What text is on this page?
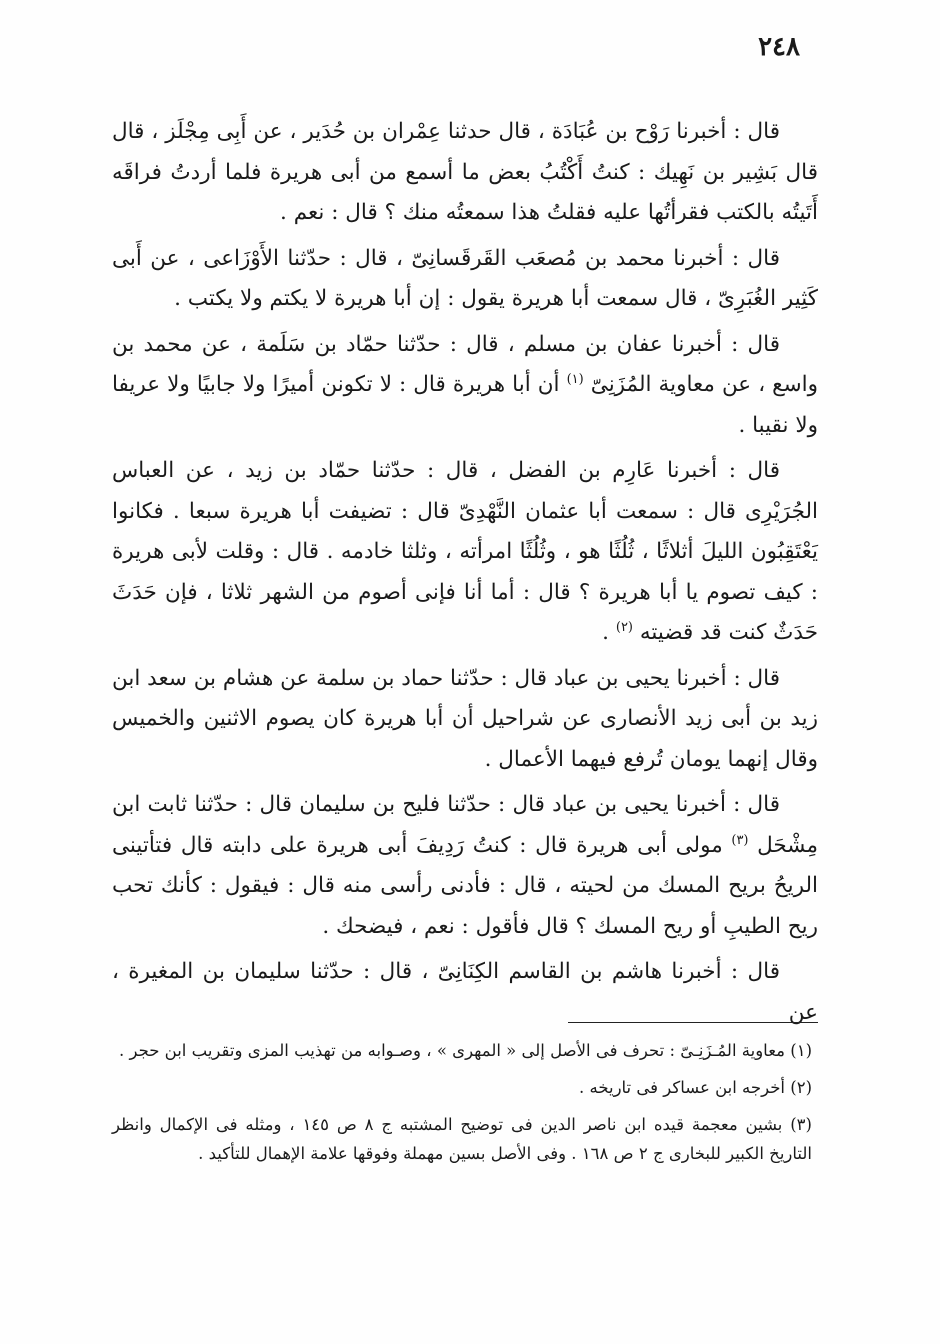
٢٤٨

قال : أخبرنا رَوْح بن عُبَادَة ، قال حدثنا عِمْران بن حُدَير ، عن أَبِى مِجْلَز ، قال قال بَشِير بن نَهِيك : كنتُ أَكْتُبُ بعض ما أسمع من أبى هريرة فلما أردتُ فراقَه أَتَيتُه بالكتب فقرأتُها عليه فقلتُ هذا سمعتُه منك ؟ قال : نعم .

قال : أخبرنا محمد بن مُصعَب القَرقَسانِىّ ، قال : حدّثنا الأَوْزَاعى ، عن أَبى كَثِير الغُبَرِىّ ، قال سمعت أبا هريرة يقول : إن أبا هريرة لا يكتم ولا يكتب .

قال : أخبرنا عفان بن مسلم ، قال : حدّثنا حمّاد بن سَلَمة ، عن محمد بن واسع ، عن معاوية المُزَنِىّ $^{(١)}$ أن أبا هريرة قال : لا تكونن أميرًا ولا جابيًا ولا عريفا ولا نقيبا .

قال : أخبرنا عَارِم بن الفضل ، قال : حدّثنا حمّاد بن زيد ، عن العباس الجُرَيْرِى قال : سمعت أبا عثمان النَّهْدِىّ قال : تضيفت أبا هريرة سبعا . فكانوا يَعْتَقِبُون الليلَ أثلاثًا ، ثُلُثًا هو ، وثُلُثًا امرأته ، وثلثا خادمه . قال : وقلت لأبى هريرة : كيف تصوم يا أبا هريرة ؟ قال : أما أنا فإنى أصوم من الشهر ثلاثا ، فإن حَدَثَ حَدَثٌ كنت قد قضيته $^{(٢)}$ .

قال : أخبرنا يحيى بن عباد قال : حدّثنا حماد بن سلمة عن هشام بن سعد ابن زيد بن أبى زيد الأنصارى عن شراحيل أن أبا هريرة كان يصوم الاثنين والخميس وقال إنهما يومان تُرفع فيهما الأعمال .

قال : أخبرنا يحيى بن عباد قال : حدّثنا فليح بن سليمان قال : حدّثنا ثابت ابن مِشْحَل $^{(٣)}$ مولى أبى هريرة قال : كنتُ رَدِيفَ أبى هريرة على دابته قال فتأتينى الريحُ بريح المسك من لحيته ، قال : فأدنى رأسى منه قال : فيقول : كأنك تحب ريح الطيبِ أو ريح المسك ؟ قال فأقول : نعم ، فيضحك .

قال : أخبرنا هاشم بن القاسم الكِنَانِىّ ، قال : حدّثنا سليمان بن المغيرة ، عن

(١) معاوية المُـزَنِـىّ : تحرف فى الأصل إلى « المهرى » ، وصـوابه من تهذيب المزى وتقريب ابن حجر .

(٢) أخرجه ابن عساكر فى تاريخه .

(٣) بشين معجمة قيده ابن ناصر الدين فى توضيح المشتبه ج ٨ ص ١٤٥ ، ومثله فى الإكمال وانظر التاريخ الكبير للبخارى ج ٢ ص ١٦٨ . وفى الأصل بسين مهملة وفوقها علامة الإهمال للتأكيد .
